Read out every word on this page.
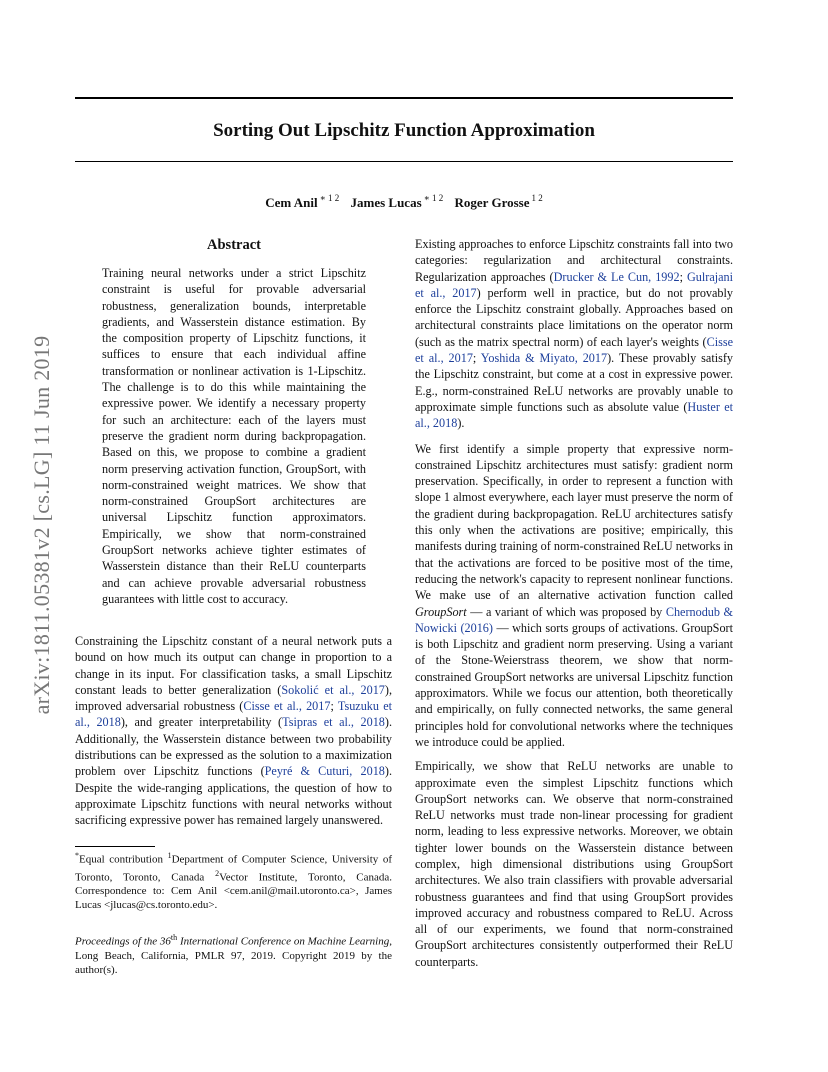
Sorting Out Lipschitz Function Approximation
Cem Anil $^{∗ 1 2}$ James Lucas $^{∗ 1 2}$ Roger Grosse $^{1 2}$
arXiv:1811.05381v2 [cs.LG] 11 Jun 2019
Abstract

Training neural networks under a strict Lipschitz constraint is useful for provable adversarial robustness, generalization bounds, interpretable gradients, and Wasserstein distance estimation. By the composition property of Lipschitz functions, it suffices to ensure that each individual affine transformation or nonlinear activation is 1-Lipschitz. The challenge is to do this while maintaining the expressive power. We identify a necessary property for such an architecture: each of the layers must preserve the gradient norm during backpropagation. Based on this, we propose to combine a gradient norm preserving activation function, GroupSort, with norm-constrained weight matrices. We show that norm-constrained GroupSort architectures are universal Lipschitz function approximators. Empirically, we show that norm-constrained GroupSort networks achieve tighter estimates of Wasserstein distance than their ReLU counterparts and can achieve provable adversarial robustness guarantees with little cost to accuracy.

Constraining the Lipschitz constant of a neural network puts a bound on how much its output can change in proportion to a change in its input. For classification tasks, a small Lipschitz constant leads to better generalization (Sokolić et al., 2017), improved adversarial robustness (Cisse et al., 2017; Tsuzuku et al., 2018), and greater interpretability (Tsipras et al., 2018). Additionally, the Wasserstein distance between two probability distributions can be expressed as the solution to a maximization problem over Lipschitz functions (Peyré & Cuturi, 2018). Despite the wide-ranging applications, the question of how to approximate Lipschitz functions with neural networks without sacrificing expressive power has remained largely unanswered.

*Equal contribution $^1$Department of Computer Science, University of Toronto, Toronto, Canada $^2$Vector Institute, Toronto, Canada. Correspondence to: Cem Anil <cem.anil@mail.utoronto.ca>, James Lucas <jlucas@cs.toronto.edu>.

Proceedings of the 36th International Conference on Machine Learning, Long Beach, California, PMLR 97, 2019. Copyright 2019 by the author(s).

Existing approaches to enforce Lipschitz constraints fall into two categories: regularization and architectural constraints. Regularization approaches (Drucker & Le Cun, 1992; Gulrajani et al., 2017) perform well in practice, but do not provably enforce the Lipschitz constraint globally. Approaches based on architectural constraints place limitations on the operator norm (such as the matrix spectral norm) of each layer's weights (Cisse et al., 2017; Yoshida & Miyato, 2017). These provably satisfy the Lipschitz constraint, but come at a cost in expressive power. E.g., norm-constrained ReLU networks are provably unable to approximate simple functions such as absolute value (Huster et al., 2018).

We first identify a simple property that expressive norm-constrained Lipschitz architectures must satisfy: gradient norm preservation. Specifically, in order to represent a function with slope 1 almost everywhere, each layer must preserve the norm of the gradient during backpropagation. ReLU architectures satisfy this only when the activations are positive; empirically, this manifests during training of norm-constrained ReLU networks in that the activations are forced to be positive most of the time, reducing the network's capacity to represent nonlinear functions. We make use of an alternative activation function called GroupSort — a variant of which was proposed by Chernodub & Nowicki (2016) — which sorts groups of activations. GroupSort is both Lipschitz and gradient norm preserving. Using a variant of the Stone-Weierstrass theorem, we show that norm-constrained GroupSort networks are universal Lipschitz function approximators. While we focus our attention, both theoretically and empirically, on fully connected networks, the same general principles hold for convolutional networks where the techniques we introduce could be applied.

Empirically, we show that ReLU networks are unable to approximate even the simplest Lipschitz functions which GroupSort networks can. We observe that norm-constrained ReLU networks must trade non-linear processing for gradient norm, leading to less expressive networks. Moreover, we obtain tighter lower bounds on the Wasserstein distance between complex, high dimensional distributions using GroupSort architectures. We also train classifiers with provable adversarial robustness guarantees and find that using GroupSort provides improved accuracy and robustness compared to ReLU. Across all of our experiments, we found that norm-constrained GroupSort architectures consistently outperformed their ReLU counterparts.
